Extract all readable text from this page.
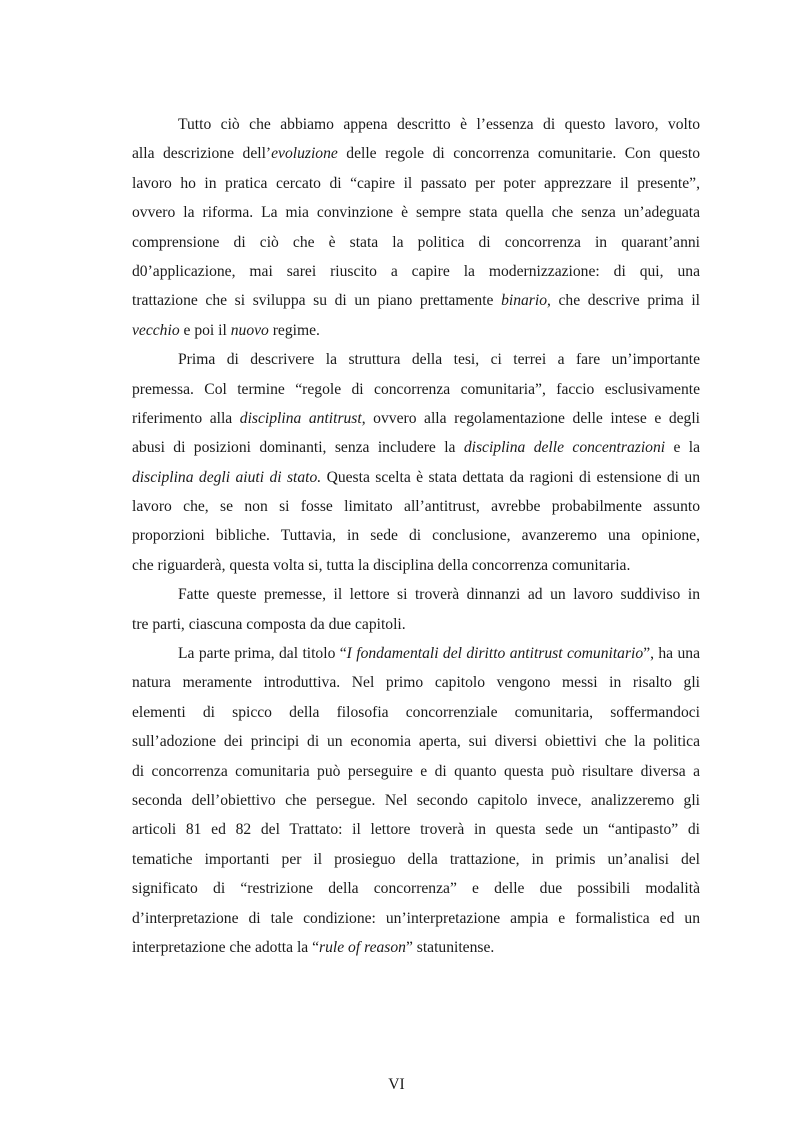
Tutto ciò che abbiamo appena descritto è l’essenza di questo lavoro, volto
alla descrizione dell’evoluzione delle regole di concorrenza comunitarie. Con questo
lavoro ho in pratica cercato di “capire il passato per poter apprezzare il presente”,
ovvero la riforma. La mia convinzione è sempre stata quella che senza un’adeguata
comprensione di ciò che è stata la politica di concorrenza in quarant’anni
d0’applicazione, mai sarei riuscito a capire la modernizzazione: di qui, una
trattazione che si sviluppa su di un piano prettamente binario, che descrive prima il
vecchio e poi il nuovo regime.
Prima di descrivere la struttura della tesi, ci terrei a fare un’importante
premessa. Col termine “regole di concorrenza comunitaria”, faccio esclusivamente
riferimento alla disciplina antitrust, ovvero alla regolamentazione delle intese e degli
abusi di posizioni dominanti, senza includere la disciplina delle concentrazioni e la
disciplina degli aiuti di stato. Questa scelta è stata dettata da ragioni di estensione di un
lavoro che, se non si fosse limitato all’antitrust, avrebbe probabilmente assunto
proporzioni bibliche. Tuttavia, in sede di conclusione, avanzeremo una opinione,
che riguarderà, questa volta si, tutta la disciplina della concorrenza comunitaria.
Fatte queste premesse, il lettore si troverà dinnanzi ad un lavoro suddiviso in
tre parti, ciascuna composta da due capitoli.
La parte prima, dal titolo “I fondamentali del diritto antitrust comunitario”, ha una
natura meramente introduttiva. Nel primo capitolo vengono messi in risalto gli
elementi di spicco della filosofia concorrenziale comunitaria, soffermandoci
sull’adozione dei principi di un economia aperta, sui diversi obiettivi che la politica
di concorrenza comunitaria può perseguire e di quanto questa può risultare diversa a
seconda dell’obiettivo che persegue. Nel secondo capitolo invece, analizzeremo gli
articoli 81 ed 82 del Trattato: il lettore troverà in questa sede un “antipasto” di
tematiche importanti per il prosieguo della trattazione, in primis un’analisi del
significato di “restrizione della concorrenza” e delle due possibili modalità
d’interpretazione di tale condizione: un’interpretazione ampia e formalistica ed un
interpretazione che adotta la “rule of reason” statunitense.
VI
